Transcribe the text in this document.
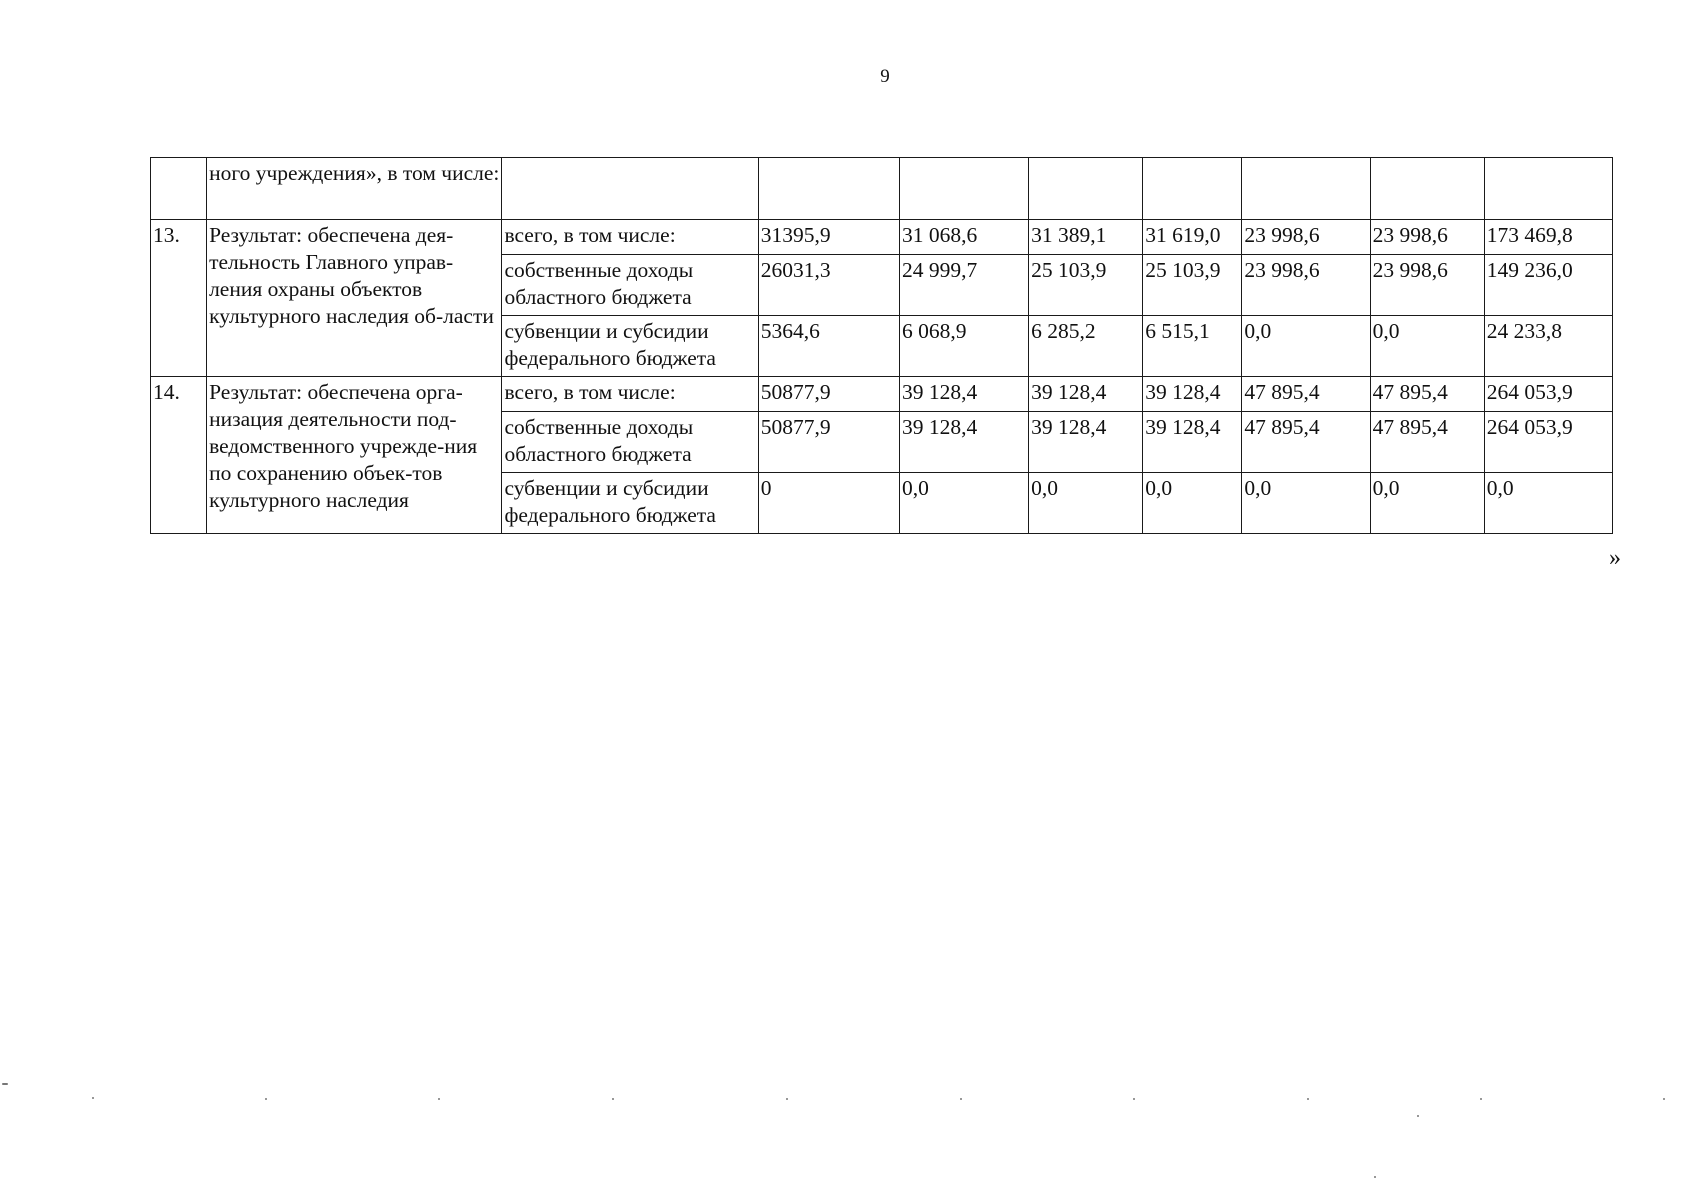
9
	ного учреждения», в том числе:								
13.	Результат: обеспечена дея-тельность Главного управ-ления охраны объектов культурного наследия об-ласти	всего, в том числе:	31395,9	31 068,6	31 389,1	31 619,0	23 998,6	23 998,6	173 469,8
		собственные доходы областного бюджета	26031,3	24 999,7	25 103,9	25 103,9	23 998,6	23 998,6	149 236,0
		субвенции и субсидии федерального бюджета	5364,6	6 068,9	6 285,2	6 515,1	0,0	0,0	24 233,8
14.	Результат: обеспечена орга-низация деятельности под-ведомственного учрежде-ния по сохранению объек-тов культурного наследия	всего, в том числе:	50877,9	39 128,4	39 128,4	39 128,4	47 895,4	47 895,4	264 053,9
		собственные доходы областного бюджета	50877,9	39 128,4	39 128,4	39 128,4	47 895,4	47 895,4	264 053,9
		субвенции и субсидии федерального бюджета	0	0,0	0,0	0,0	0,0	0,0	0,0
»
